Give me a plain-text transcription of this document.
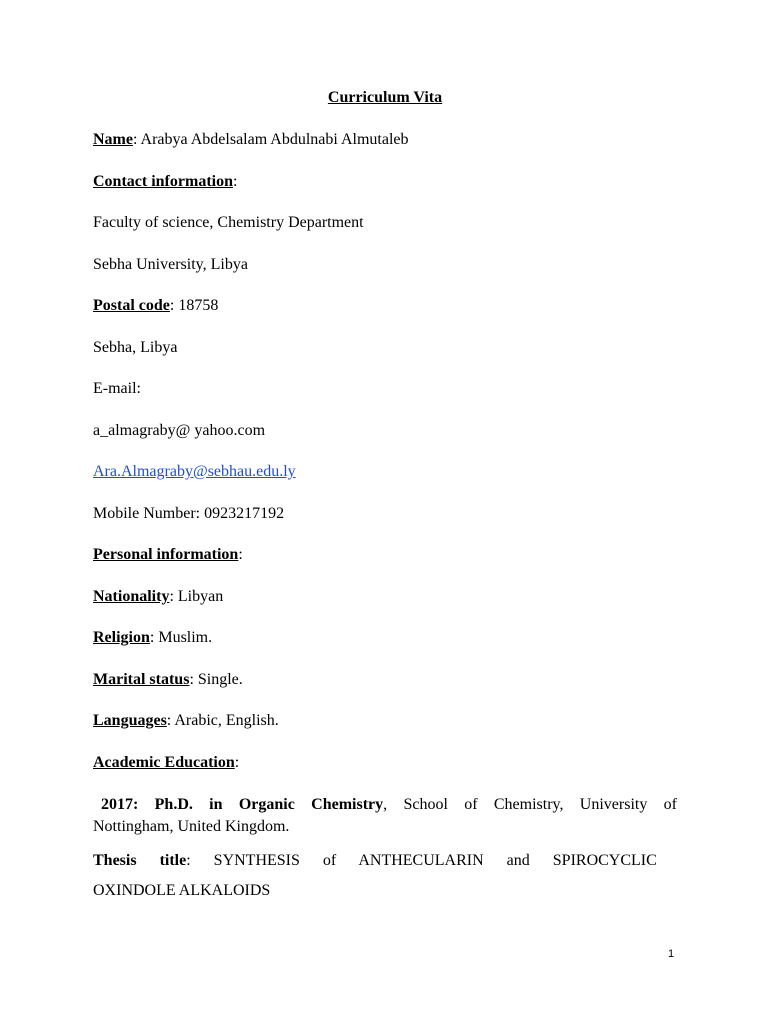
Curriculum Vita
Name: Arabya Abdelsalam Abdulnabi Almutaleb
Contact information:
Faculty of science, Chemistry Department
Sebha University, Libya
Postal code: 18758
Sebha, Libya
E-mail:
a_almagraby@ yahoo.com
Ara.Almagraby@sebhau.edu.ly
Mobile Number: 0923217192
Personal information:
Nationality: Libyan
Religion: Muslim.
Marital status: Single.
Languages: Arabic, English.
Academic Education:
2017: Ph.D. in Organic Chemistry, School of Chemistry, University of
Nottingham, United Kingdom.
Thesis title: SYNTHESIS of ANTHECULARIN and SPIROCYCLIC
OXINDOLE ALKALOIDS
1
